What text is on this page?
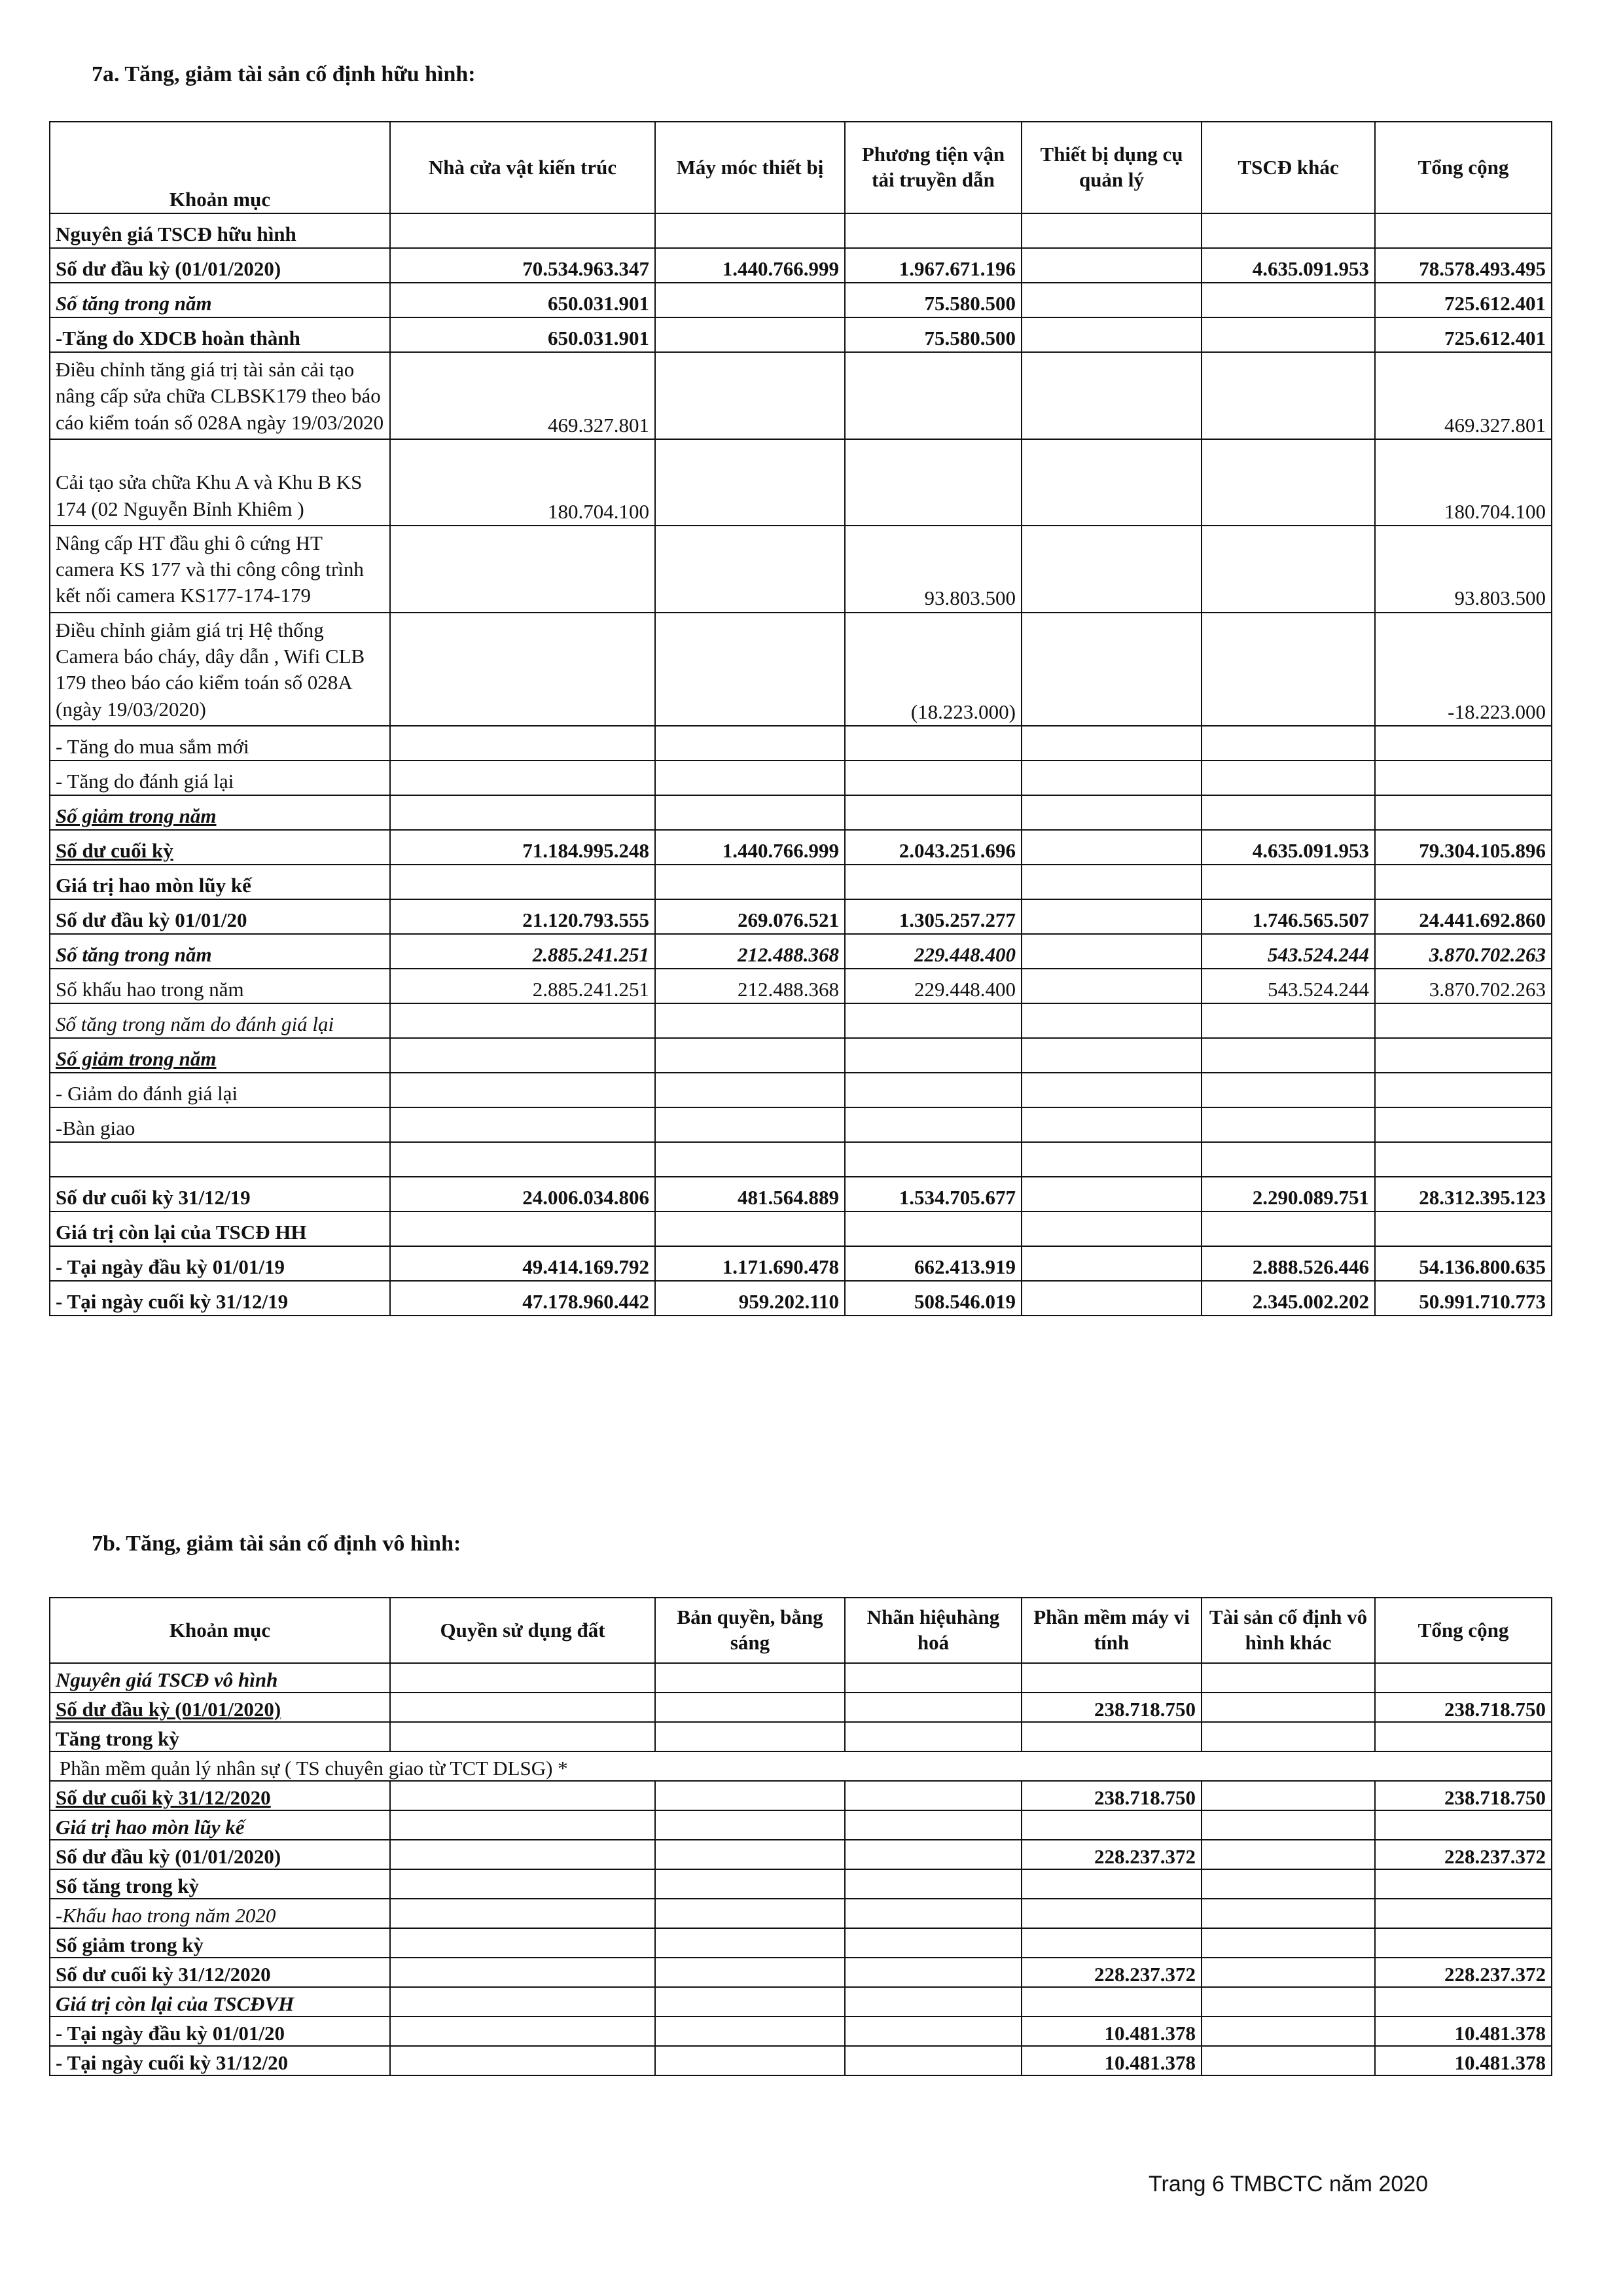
7a. Tăng, giảm tài sản cố định hữu hình:
Khoản mục	Nhà cửa vật kiến trúc	Máy móc thiết bị	Phương tiện vận tải truyền dẫn	Thiết bị dụng cụ quản lý	TSCĐ khác	Tổng cộng
Nguyên giá TSCĐ hữu hình						
Số dư đầu kỳ (01/01/2020)	70.534.963.347	1.440.766.999	1.967.671.196		4.635.091.953	78.578.493.495
Số tăng trong năm	650.031.901		75.580.500			725.612.401
-Tăng do XDCB hoàn thành	650.031.901		75.580.500			725.612.401
Điều chỉnh tăng giá trị tài sản cải tạo nâng cấp sửa chữa CLBSK179 theo báo cáo kiểm toán số 028A ngày 19/03/2020	469.327.801					469.327.801
Cải tạo sửa chữa Khu A và Khu B KS 174 (02 Nguyễn Bỉnh Khiêm )	180.704.100					180.704.100
Nâng cấp HT đầu ghi ô cứng HT camera KS 177 và thi công công trình kết nối camera KS177-174-179			93.803.500			93.803.500
Điều chỉnh giảm giá trị Hệ thống Camera báo cháy, dây dẫn , Wifi CLB 179 theo báo cáo kiểm toán số 028A (ngày 19/03/2020)			(18.223.000)			-18.223.000
- Tăng do mua sắm mới						
- Tăng do đánh giá lại						
Số giảm trong năm						
Số dư cuối kỳ	71.184.995.248	1.440.766.999	2.043.251.696		4.635.091.953	79.304.105.896
Giá trị hao mòn lũy kế						
Số dư đầu kỳ 01/01/20	21.120.793.555	269.076.521	1.305.257.277		1.746.565.507	24.441.692.860
Số tăng trong năm	2.885.241.251	212.488.368	229.448.400		543.524.244	3.870.702.263
Số khấu hao trong năm	2.885.241.251	212.488.368	229.448.400		543.524.244	3.870.702.263
Số tăng trong năm do đánh giá lại						
Số giảm trong năm						
- Giảm do đánh giá lại						
-Bàn giao						

Số dư cuối kỳ 31/12/19	24.006.034.806	481.564.889	1.534.705.677		2.290.089.751	28.312.395.123
Giá trị còn lại của TSCĐ HH						
- Tại ngày đầu kỳ 01/01/19	49.414.169.792	1.171.690.478	662.413.919		2.888.526.446	54.136.800.635
- Tại ngày cuối kỳ 31/12/19	47.178.960.442	959.202.110	508.546.019		2.345.002.202	50.991.710.773
7b. Tăng, giảm tài sản cố định vô hình:
Khoản mục	Quyền sử dụng đất	Bản quyền, bằng sáng	Nhãn hiệuhàng hoá	Phần mềm máy vi tính	Tài sản cố định vô hình khác	Tổng cộng
Nguyên giá TSCĐ vô hình						
Số dư đầu kỳ (01/01/2020)				238.718.750		238.718.750
Tăng trong kỳ						
Phần mềm quản lý nhân sự ( TS chuyên giao từ TCT DLSG) *						
Số dư cuối kỳ 31/12/2020				238.718.750		238.718.750
Giá trị hao mòn lũy kế						
Số dư đầu kỳ (01/01/2020)				228.237.372		228.237.372
Số tăng trong kỳ						
-Khấu hao trong năm 2020						
Số giảm trong kỳ						
Số dư cuối kỳ 31/12/2020				228.237.372		228.237.372
Giá trị còn lại của TSCĐVH						
- Tại ngày đầu kỳ 01/01/20				10.481.378		10.481.378
- Tại ngày cuối kỳ 31/12/20				10.481.378		10.481.378
Trang 6 TMBCTC năm 2020
